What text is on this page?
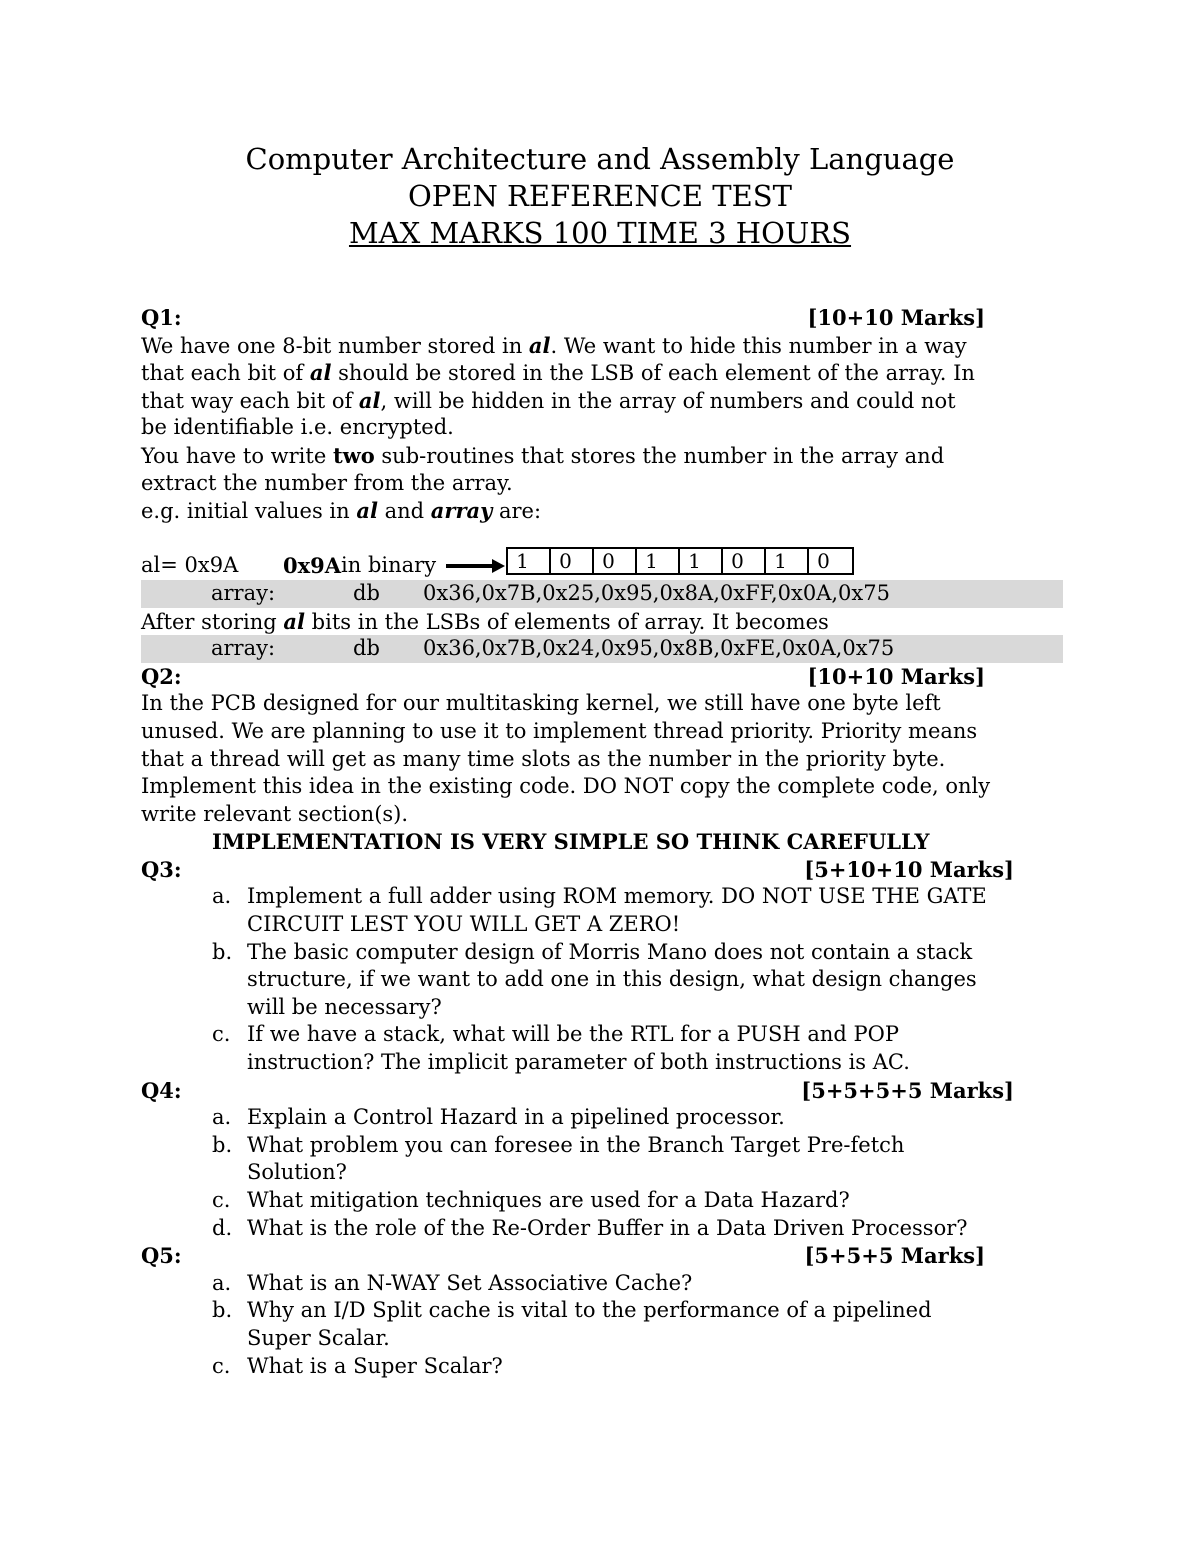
Computer Architecture and Assembly Language
OPEN REFERENCE TEST
MAX MARKS 100 TIME 3 HOURS
Q1:	[10+10 Marks]
We have one 8-bit number stored in al. We want to hide this number in a way
that each bit of al should be stored in the LSB of each element of the array. In
that way each bit of al, will be hidden in the array of numbers and could not
be identifiable i.e. encrypted.
You have to write two sub-routines that stores the number in the array and
extract the number from the array.
e.g. initial values in al and array are:
al= 0x9A	0x9A in binary	1	0	0	1	1	0	1	0
array:	db	0x36,0x7B,0x25,0x95,0x8A,0xFF,0x0A,0x75
After storing al bits in the LSBs of elements of array. It becomes
array:	db	0x36,0x7B,0x24,0x95,0x8B,0xFE,0x0A,0x75
Q2:	[10+10 Marks]
In the PCB designed for our multitasking kernel, we still have one byte left
unused. We are planning to use it to implement thread priority. Priority means
that a thread will get as many time slots as the number in the priority byte.
Implement this idea in the existing code. DO NOT copy the complete code, only
write relevant section(s).
IMPLEMENTATION IS VERY SIMPLE SO THINK CAREFULLY
Q3:	[5+10+10 Marks]
a. Implement a full adder using ROM memory. DO NOT USE THE GATE
CIRCUIT LEST YOU WILL GET A ZERO!
b. The basic computer design of Morris Mano does not contain a stack
structure, if we want to add one in this design, what design changes
will be necessary?
c. If we have a stack, what will be the RTL for a PUSH and POP
instruction? The implicit parameter of both instructions is AC.
Q4:	[5+5+5+5 Marks]
a. Explain a Control Hazard in a pipelined processor.
b. What problem you can foresee in the Branch Target Pre-fetch
Solution?
c. What mitigation techniques are used for a Data Hazard?
d. What is the role of the Re-Order Buffer in a Data Driven Processor?
Q5:	[5+5+5 Marks]
a. What is an N-WAY Set Associative Cache?
b. Why an I/D Split cache is vital to the performance of a pipelined
Super Scalar.
c. What is a Super Scalar?
